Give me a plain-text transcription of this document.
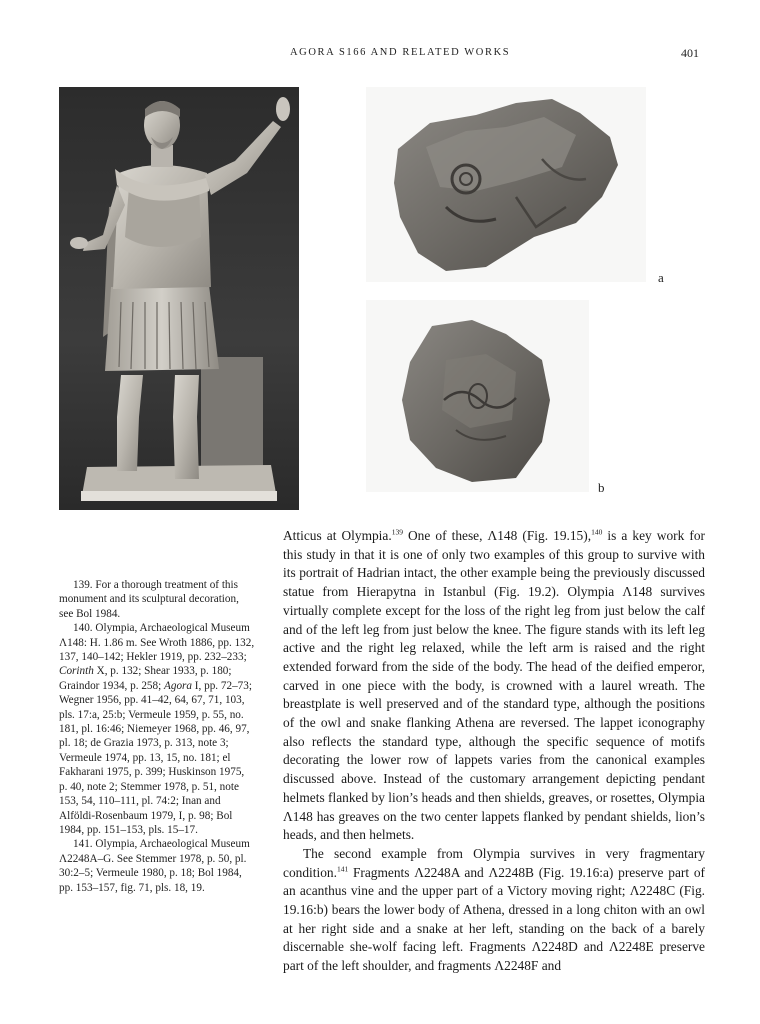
AGORA S166 AND RELATED WORKS	401
a
b

139. For a thorough treatment of this monument and its sculptural decoration, see Bol 1984.

140. Olympia, Archaeological Museum Λ148: H. 1.86 m. See Wroth 1886, pp. 132, 137, 140–142; Hekler 1919, pp. 232–233; Corinth X, p. 132; Shear 1933, p. 180; Graindor 1934, p. 258; Agora I, pp. 72–73; Wegner 1956, pp. 41–42, 64, 67, 71, 103, pls. 17:a, 25:b; Vermeule 1959, p. 55, no. 181, pl. 16:46; Niemeyer 1968, pp. 46, 97, pl. 18; de Grazia 1973, p. 313, note 3; Vermeule 1974, pp. 13, 15, no. 181; el Fakharani 1975, p. 399; Huskinson 1975, p. 40, note 2; Stemmer 1978, p. 51, note 153, 54, 110–111, pl. 74:2; Inan and Alföldi-Rosenbaum 1979, I, p. 98; Bol 1984, pp. 151–153, pls. 15–17.

141. Olympia, Archaeological Museum Λ2248A–G. See Stemmer 1978, p. 50, pl. 30:2–5; Vermeule 1980, p. 18; Bol 1984, pp. 153–157, fig. 71, pls. 18, 19.

Atticus at Olympia.$^{139}$ One of these, Λ148 (Fig. 19.15),$^{140}$ is a key work for this study in that it is one of only two examples of this group to survive with its portrait of Hadrian intact, the other example being the previously discussed statue from Hierapytna in Istanbul (Fig. 19.2). Olympia Λ148 survives virtually complete except for the loss of the right leg from just below the calf and of the left leg from just below the knee. The figure stands with its left leg active and the right leg relaxed, while the left arm is raised and the right extended forward from the side of the body. The head of the deified emperor, carved in one piece with the body, is crowned with a laurel wreath. The breastplate is well preserved and of the standard type, although the positions of the owl and snake flanking Athena are reversed. The lappet iconography also reflects the standard type, although the specific sequence of motifs decorating the lower row of lappets varies from the canonical examples discussed above. Instead of the customary arrangement depicting pendant helmets flanked by lion’s heads and then shields, greaves, or rosettes, Olympia Λ148 has greaves on the two center lappets flanked by pendant shields, lion’s heads, and then helmets.

The second example from Olympia survives in very fragmentary condition.$^{141}$ Fragments Λ2248A and Λ2248B (Fig. 19.16:a) preserve part of an acanthus vine and the upper part of a Victory moving right; Λ2248C (Fig. 19.16:b) bears the lower body of Athena, dressed in a long chiton with an owl at her right side and a snake at her left, standing on the back of a barely discernable she-wolf facing left. Fragments Λ2248D and Λ2248E preserve part of the left shoulder, and fragments Λ2248F and
